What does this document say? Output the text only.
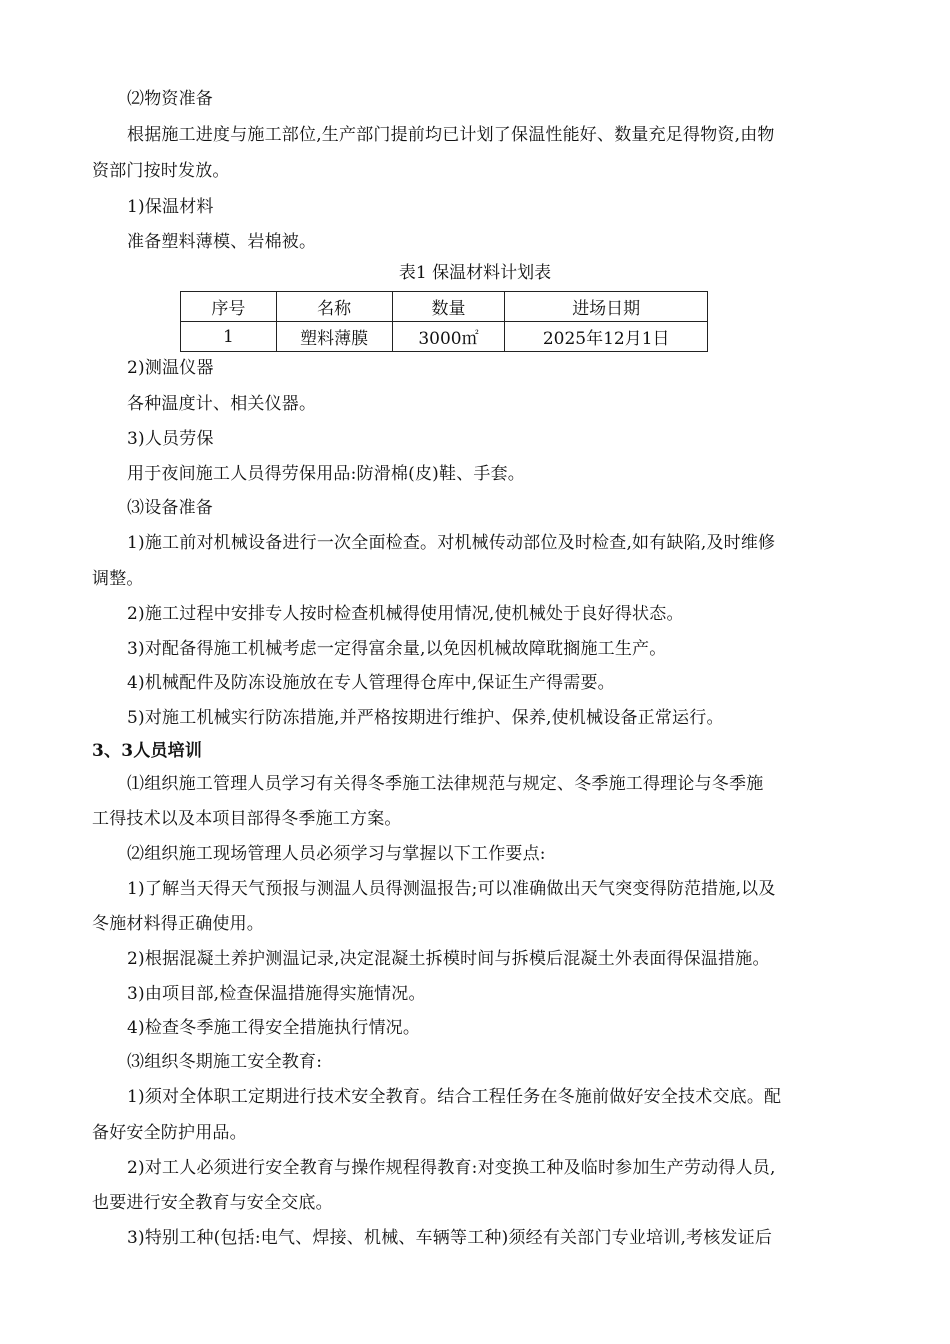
⑵物资准备
根据施工进度与施工部位,生产部门提前均已计划了保温性能好、数量充足得物资,由物
资部门按时发放。
1)保温材料
准备塑料薄模、岩棉被。
表1 保温材料计划表
序号	名称	数量	进场日期
1	塑料薄膜	3000㎡	2025年12月1日
2)测温仪器
各种温度计、相关仪器。
3)人员劳保
用于夜间施工人员得劳保用品:防滑棉(皮)鞋、手套。
⑶设备准备
1)施工前对机械设备进行一次全面检查。对机械传动部位及时检查,如有缺陷,及时维修
调整。
2)施工过程中安排专人按时检查机械得使用情况,使机械处于良好得状态。
3)对配备得施工机械考虑一定得富余量,以免因机械故障耽搁施工生产。
4)机械配件及防冻设施放在专人管理得仓库中,保证生产得需要。
5)对施工机械实行防冻措施,并严格按期进行维护、保养,使机械设备正常运行。
3、3人员培训
⑴组织施工管理人员学习有关得冬季施工法律规范与规定、冬季施工得理论与冬季施
工得技术以及本项目部得冬季施工方案。
⑵组织施工现场管理人员必须学习与掌握以下工作要点:
1)了解当天得天气预报与测温人员得测温报告;可以准确做出天气突变得防范措施,以及
冬施材料得正确使用。
2)根据混凝土养护测温记录,决定混凝土拆模时间与拆模后混凝土外表面得保温措施。
3)由项目部,检查保温措施得实施情况。
4)检查冬季施工得安全措施执行情况。
⑶组织冬期施工安全教育:
1)须对全体职工定期进行技术安全教育。结合工程任务在冬施前做好安全技术交底。配
备好安全防护用品。
2)对工人必须进行安全教育与操作规程得教育:对变换工种及临时参加生产劳动得人员,
也要进行安全教育与安全交底。
3)特别工种(包括:电气、焊接、机械、车辆等工种)须经有关部门专业培训,考核发证后
